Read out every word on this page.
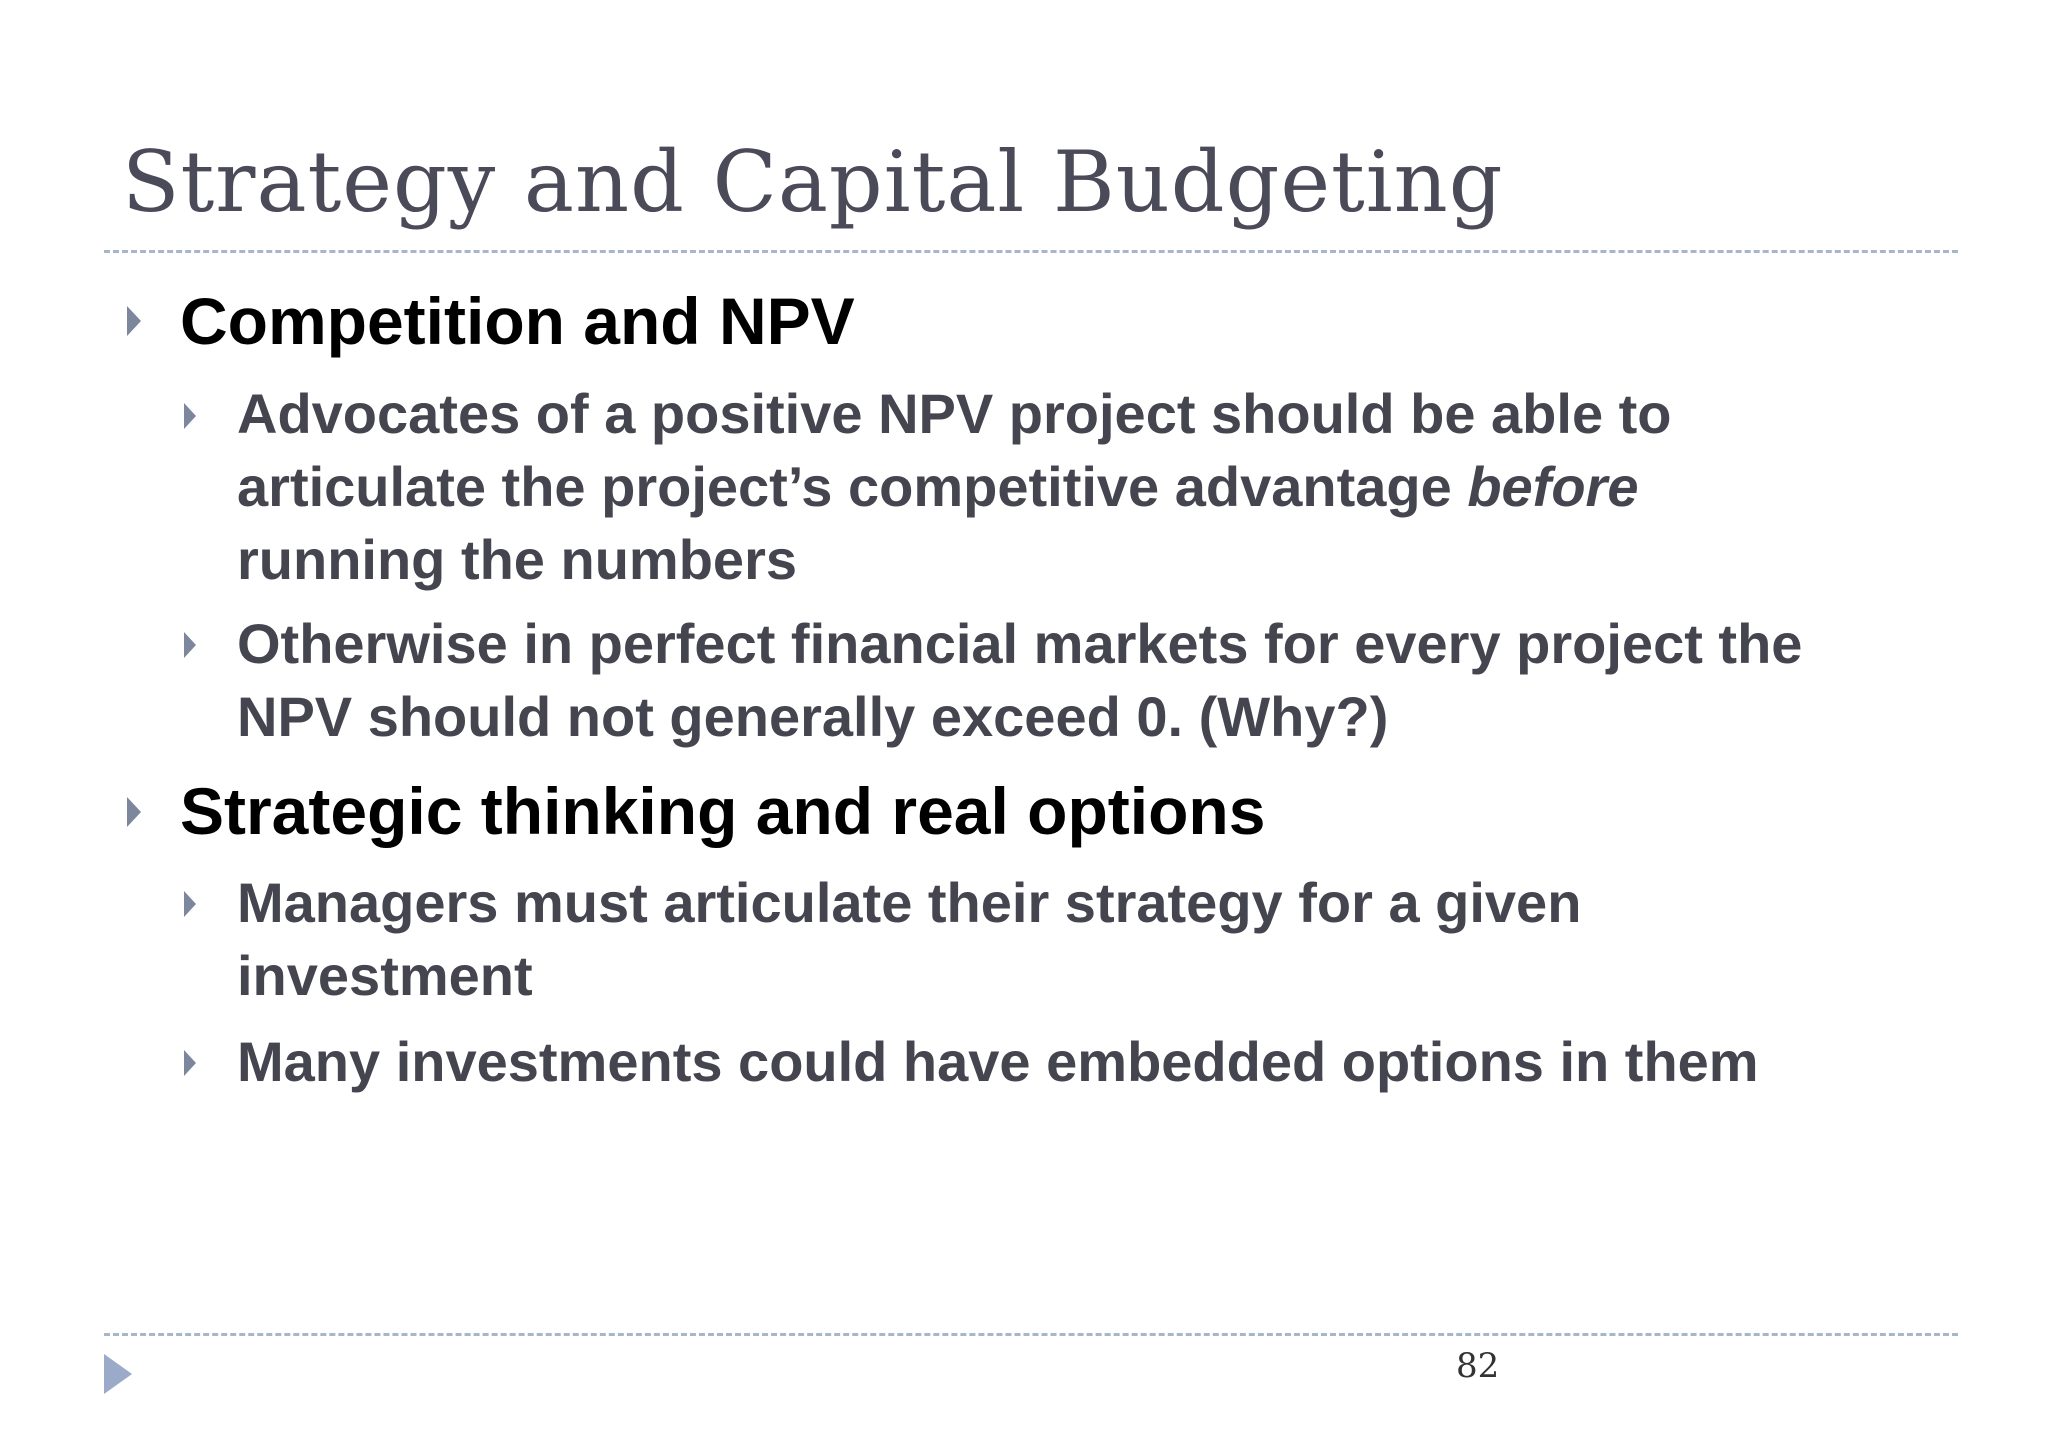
Strategy and Capital Budgeting
Competition and NPV
Advocates of a positive NPV project should be able to
articulate the project’s competitive advantage before
running the numbers
Otherwise in perfect financial markets for every project the
NPV should not generally exceed 0. (Why?)
Strategic thinking and real options
Managers must articulate their strategy for a given
investment
Many investments could have embedded options in them
82
